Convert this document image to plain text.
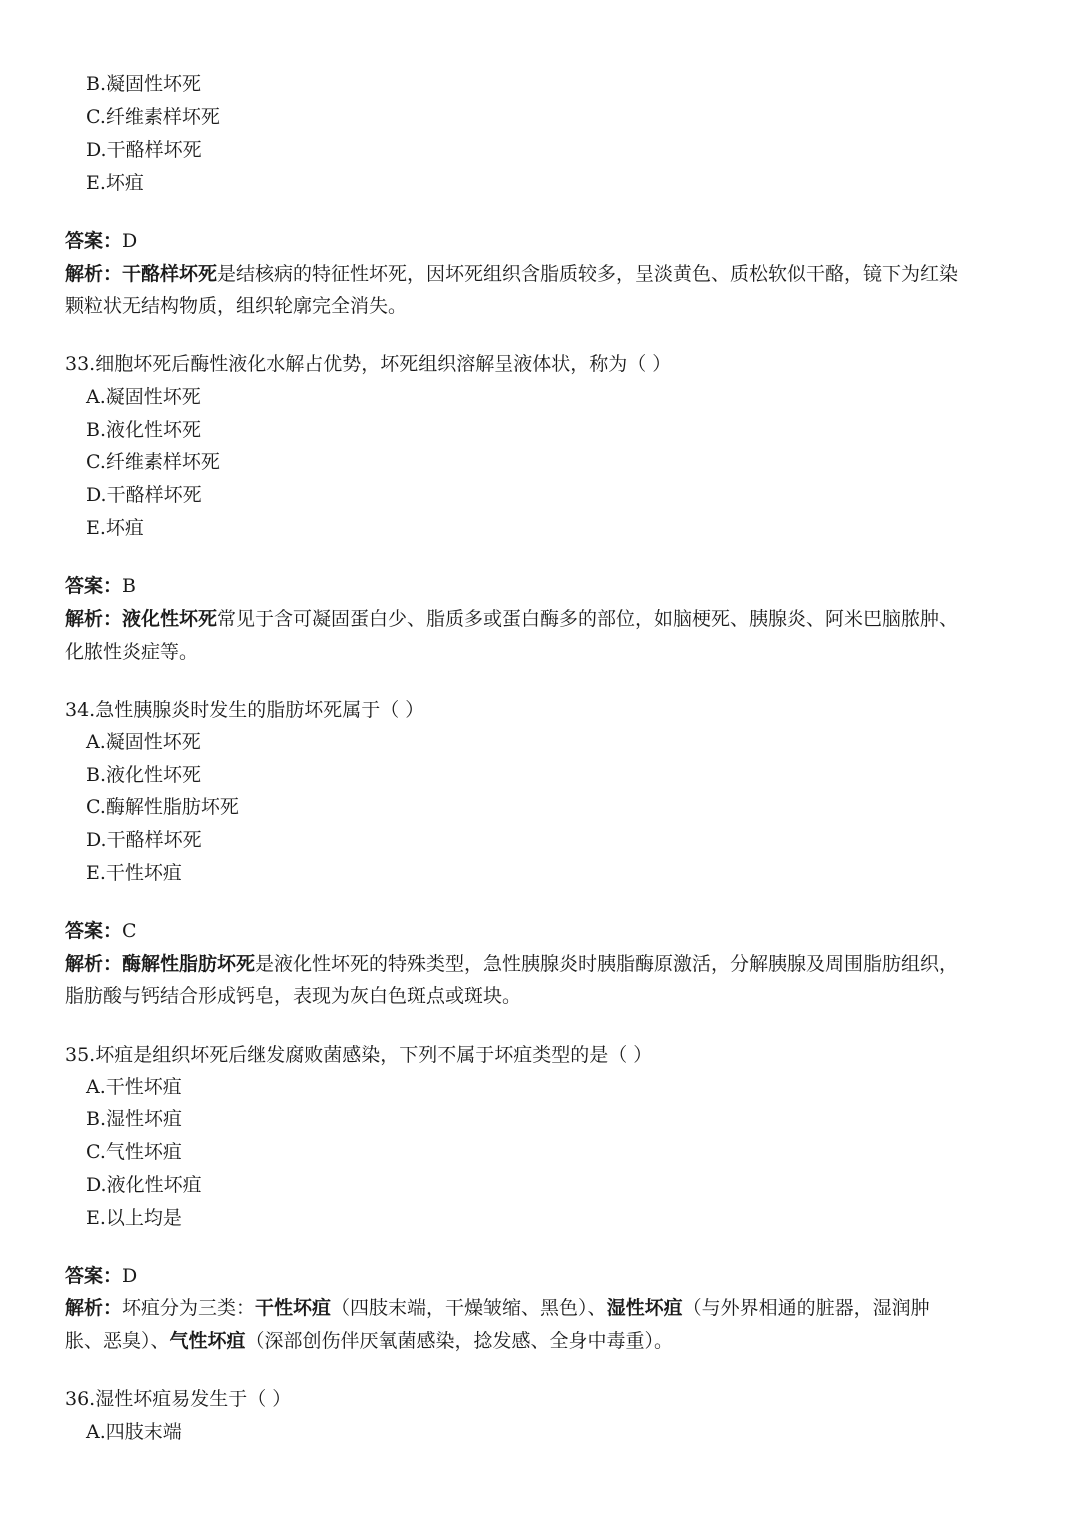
B.凝固性坏死
C.纤维素样坏死
D.干酪样坏死
E.坏疽
答案：D
解析：干酪样坏死是结核病的特征性坏死，因坏死组织含脂质较多，呈淡黄色、质松软似干酪，镜下为红染
颗粒状无结构物质，组织轮廓完全消失。
33.细胞坏死后酶性液化水解占优势，坏死组织溶解呈液体状，称为（ ）
A.凝固性坏死
B.液化性坏死
C.纤维素样坏死
D.干酪样坏死
E.坏疽
答案：B
解析：液化性坏死常见于含可凝固蛋白少、脂质多或蛋白酶多的部位，如脑梗死、胰腺炎、阿米巴脑脓肿、
化脓性炎症等。
34.急性胰腺炎时发生的脂肪坏死属于（ ）
A.凝固性坏死
B.液化性坏死
C.酶解性脂肪坏死
D.干酪样坏死
E.干性坏疽
答案：C
解析：酶解性脂肪坏死是液化性坏死的特殊类型，急性胰腺炎时胰脂酶原激活，分解胰腺及周围脂肪组织，
脂肪酸与钙结合形成钙皂，表现为灰白色斑点或斑块。
35.坏疽是组织坏死后继发腐败菌感染，下列不属于坏疽类型的是（ ）
A.干性坏疽
B.湿性坏疽
C.气性坏疽
D.液化性坏疽
E.以上均是
答案：D
解析：坏疽分为三类：干性坏疽（四肢末端，干燥皱缩、黑色）、湿性坏疽（与外界相通的脏器，湿润肿
胀、恶臭）、气性坏疽（深部创伤伴厌氧菌感染，捻发感、全身中毒重）。
36.湿性坏疽易发生于（ ）
A.四肢末端
